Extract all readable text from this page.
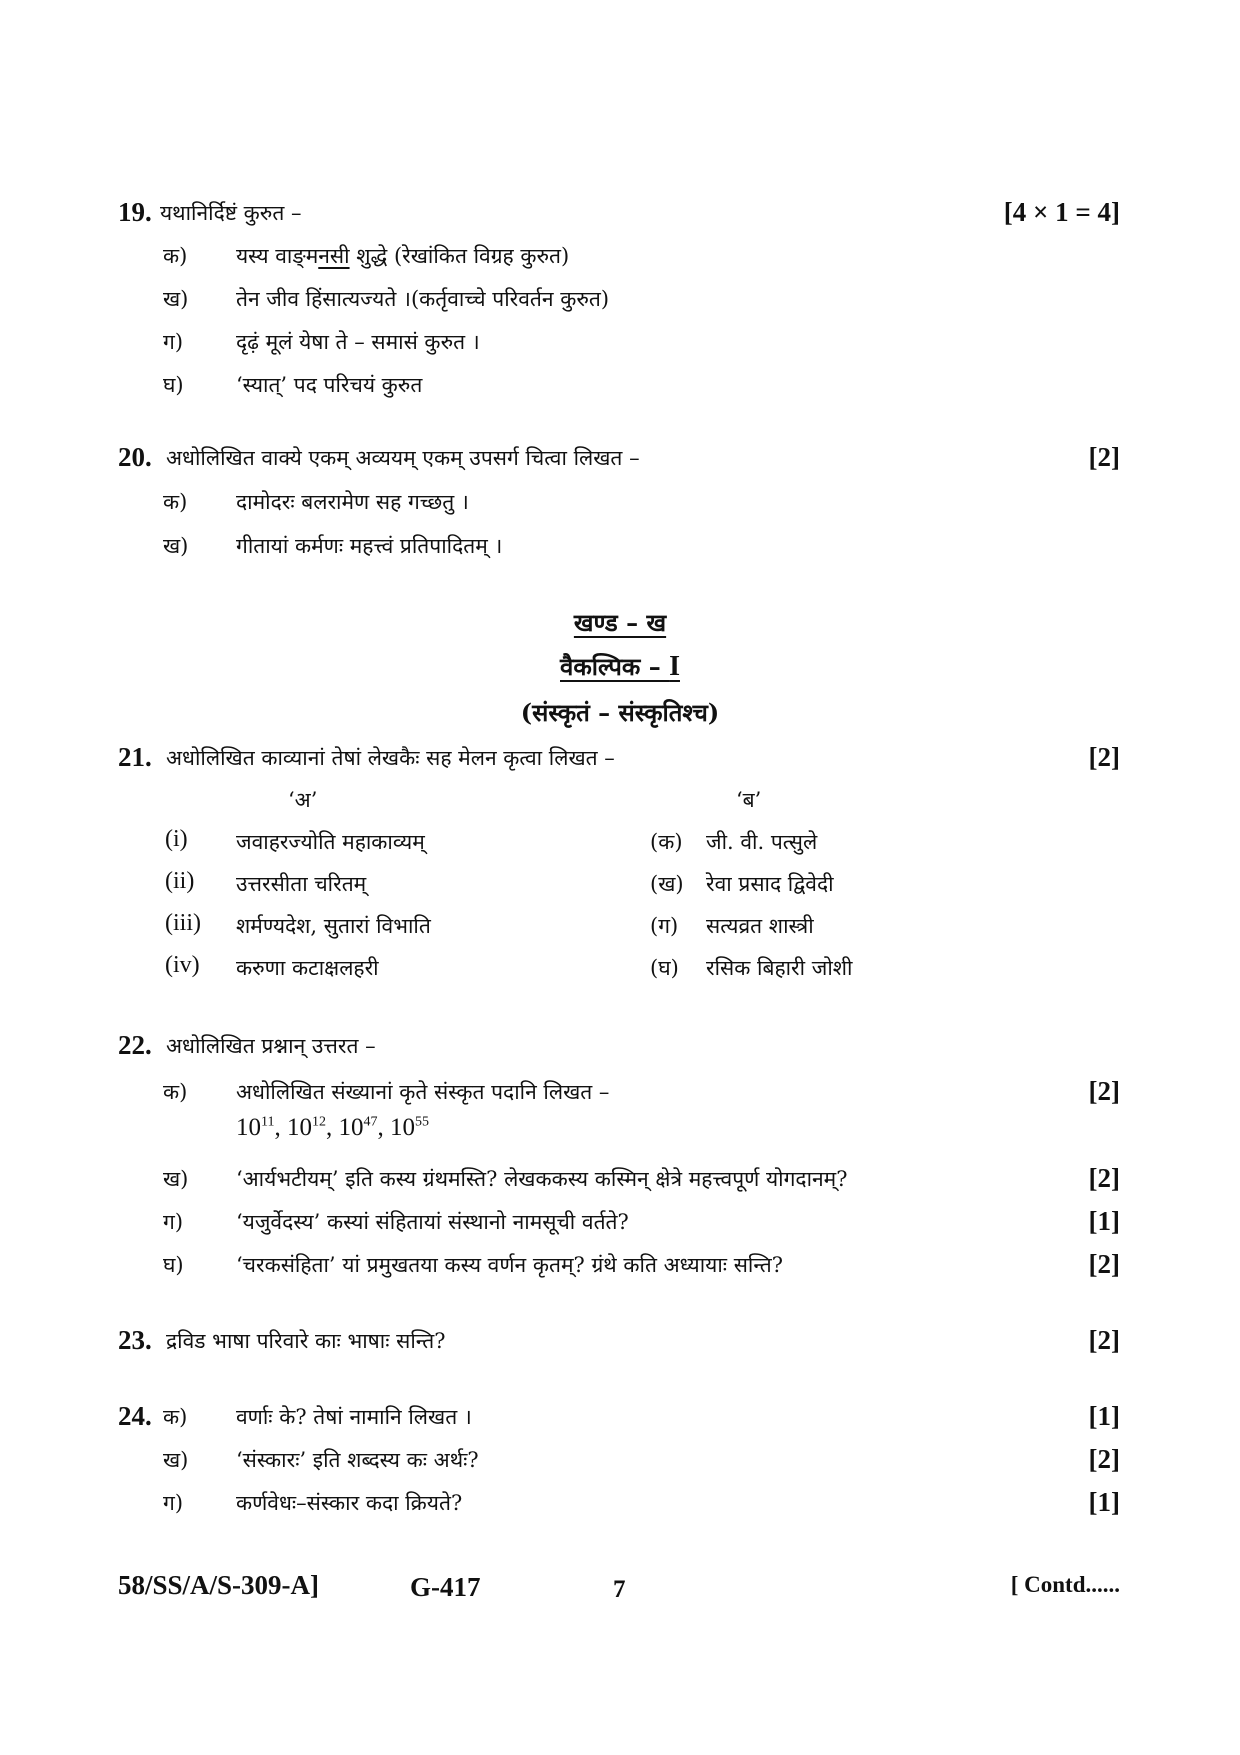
19. यथानिर्दिष्टं कुरुत –	[4 × 1 = 4]
क) यस्य वाङ्‌मनसी शुद्धे (रेखांकित विग्रह कुरुत)
ख) तेन जीव हिंसात्यज्यते ।(कर्तृवाच्चे परिवर्तन कुरुत)
ग)	दृढ़ं मूलं येषा ते – समासं कुरुत ।
घ) ‘स्यात्’ पद परिचयं कुरुत
20. अधोलिखित वाक्ये एकम् अव्ययम् एकम् उपसर्ग चित्वा लिखत –	[2]
क) दामोदरः बलरामेण सह गच्छतु ।
ख) गीतायां कर्मणः महत्त्वं प्रतिपादितम् ।
खण्ड – ख
वैकल्पिक – I
(संस्कृतं – संस्कृतिश्च)
21. अधोलिखित काव्यानां तेषां लेखकैः सह मेलन कृत्वा लिखत –	[2]
‘अ’	‘ब’
(i) जवाहरज्योति महाकाव्यम्	(क) जी. वी. पत्सुले
(ii) उत्तरसीता चरितम्	(ख) रेवा प्रसाद द्विवेदी
(iii) शर्मण्यदेश, सुतारां विभाति	(ग) सत्यव्रत शास्त्री
(iv) करुणा कटाक्षलहरी	(घ) रसिक बिहारी जोशी
22. अधोलिखित प्रश्नान् उत्तरत –
क) अधोलिखित संख्यानां कृते संस्कृत पदानि लिखत –	[2]
$10^{11}$, $10^{12}$, $10^{47}$, $10^{55}$
ख) ‘आर्यभटीयम्’ इति कस्य ग्रंथमस्ति? लेखककस्य कस्मिन् क्षेत्रे महत्त्वपूर्ण योगदानम्?	[2]
ग)	‘यजुर्वेदस्य’ कस्यां संहितायां संस्थानो नामसूची वर्तते?	[1]
घ) ‘चरकसंहिता’ यां प्रमुखतया कस्य वर्णन कृतम्? ग्रंथे कति अध्यायाः सन्ति?	[2]
23. द्रविड भाषा परिवारे काः भाषाः सन्ति?	[2]
24. क) वर्णाः के? तेषां नामानि लिखत ।	[1]
ख) ‘संस्कारः’ इति शब्दस्य कः अर्थः?	[2]
ग)	कर्णवेधः–संस्कार कदा क्रियते?	[1]
58/SS/A/S-309-A]	G-417	7	[ Contd......
